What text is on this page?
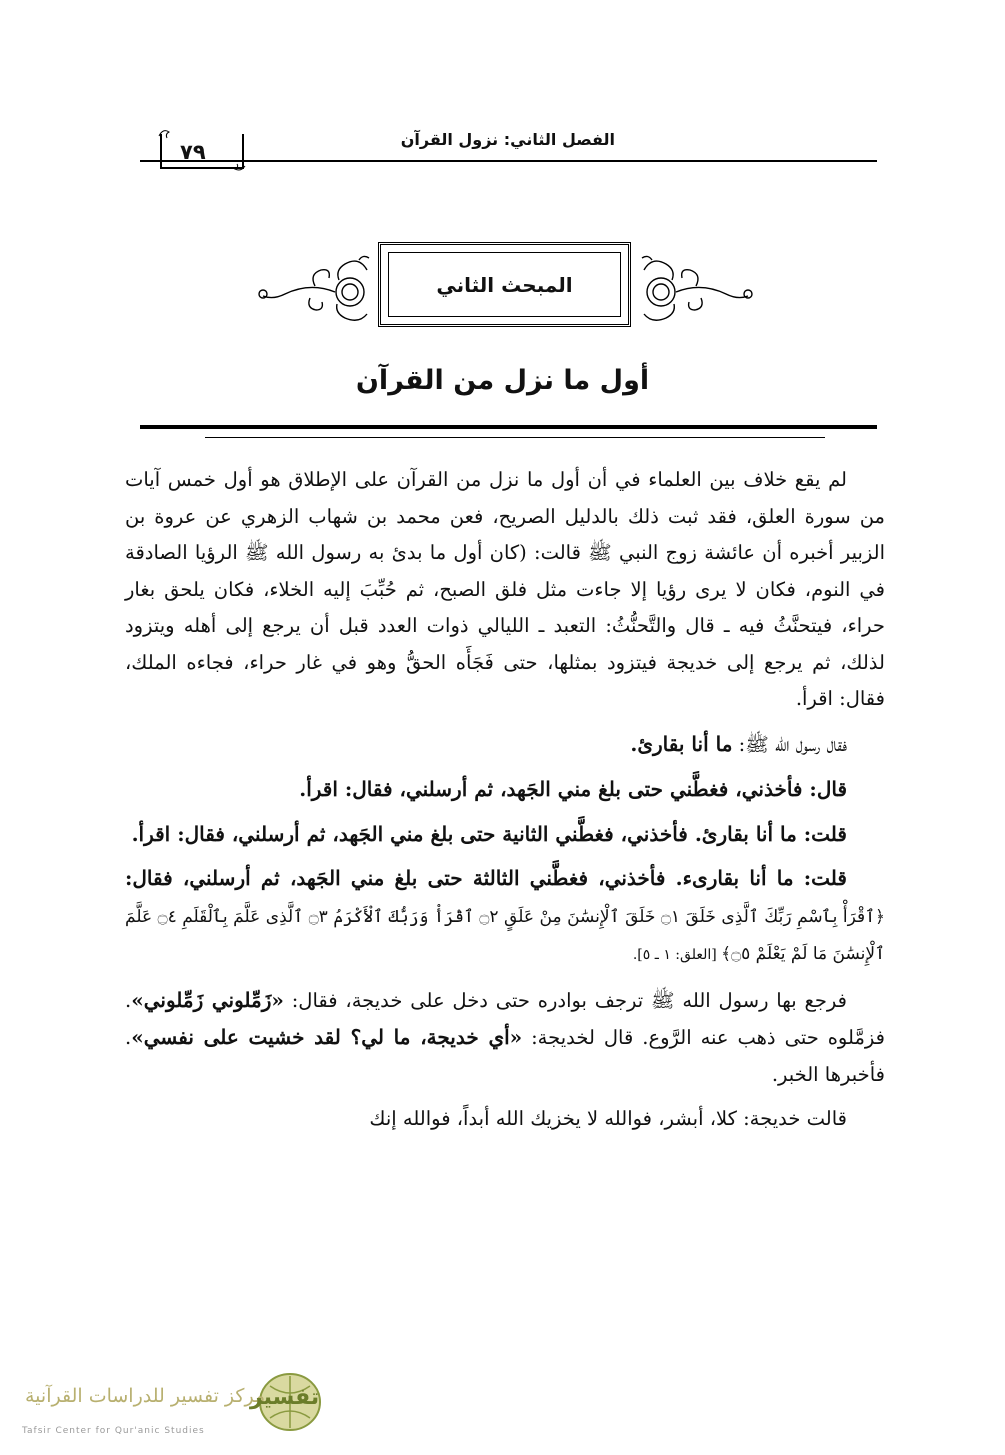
الفصل الثاني: نزول القرآن
٧٩
المبحث الثاني
أول ما نزل من القرآن

لم يقع خلاف بين العلماء في أن أول ما نزل من القرآن على الإطلاق هو أول خمس آيات من سورة العلق، فقد ثبت ذلك بالدليل الصريح، فعن محمد بن شهاب الزهري عن عروة بن الزبير أخبره أن عائشة زوج النبي ﷺ قالت: (كان أول ما بدئ به رسول الله ﷺ الرؤيا الصادقة في النوم، فكان لا يرى رؤيا إلا جاءت مثل فلق الصبح، ثم حُبِّبَ إليه الخلاء، فكان يلحق بغار حراء، فيتحنَّثُ فيه ـ قال والتَّحنُّثُ: التعبد ـ الليالي ذوات العدد قبل أن يرجع إلى أهله ويتزود لذلك، ثم يرجع إلى خديجة فيتزود بمثلها، حتى فَجَأَه الحقُّ وهو في غار حراء، فجاءه الملك، فقال: اقرأ.

فقال رسول الله ﷺ: ما أنا بقارئ.

قال: فأخذني، فغطَّني حتى بلغ مني الجَهد، ثم أرسلني، فقال: اقرأ.

قلت: ما أنا بقارئ. فأخذني، فغطَّني الثانية حتى بلغ مني الجَهد، ثم أرسلني، فقال: اقرأ.

قلت: ما أنا بقارىء. فأخذني، فغطَّني الثالثة حتى بلغ مني الجَهد، ثم أرسلني، فقال: ﴿ٱقْرَأْ بِٱسْمِ رَبِّكَ ٱلَّذِى خَلَقَ ۝١ خَلَقَ ٱلْإِنسَٰنَ مِنْ عَلَقٍ ۝٢ ٱقْرَأْ وَرَبُّكَ ٱلْأَكْرَمُ ۝٣ ٱلَّذِى عَلَّمَ بِٱلْقَلَمِ ۝٤ عَلَّمَ ٱلْإِنسَٰنَ مَا لَمْ يَعْلَمْ ۝٥﴾ [العلق: ١ ـ ٥].

فرجع بها رسول الله ﷺ ترجف بوادره حتى دخل على خديجة، فقال: «زَمِّلوني زَمِّلوني». فزمَّلوه حتى ذهب عنه الرَّوع. قال لخديجة: «أي خديجة، ما لي؟ لقد خشيت على نفسي». فأخبرها الخبر.

قالت خديجة: كلا، أبشر، فوالله لا يخزيك الله أبداً، فوالله إنك

مركز تفسير للدراسات القرآنية
تفسير
Tafsir Center for Qur'anic Studies
